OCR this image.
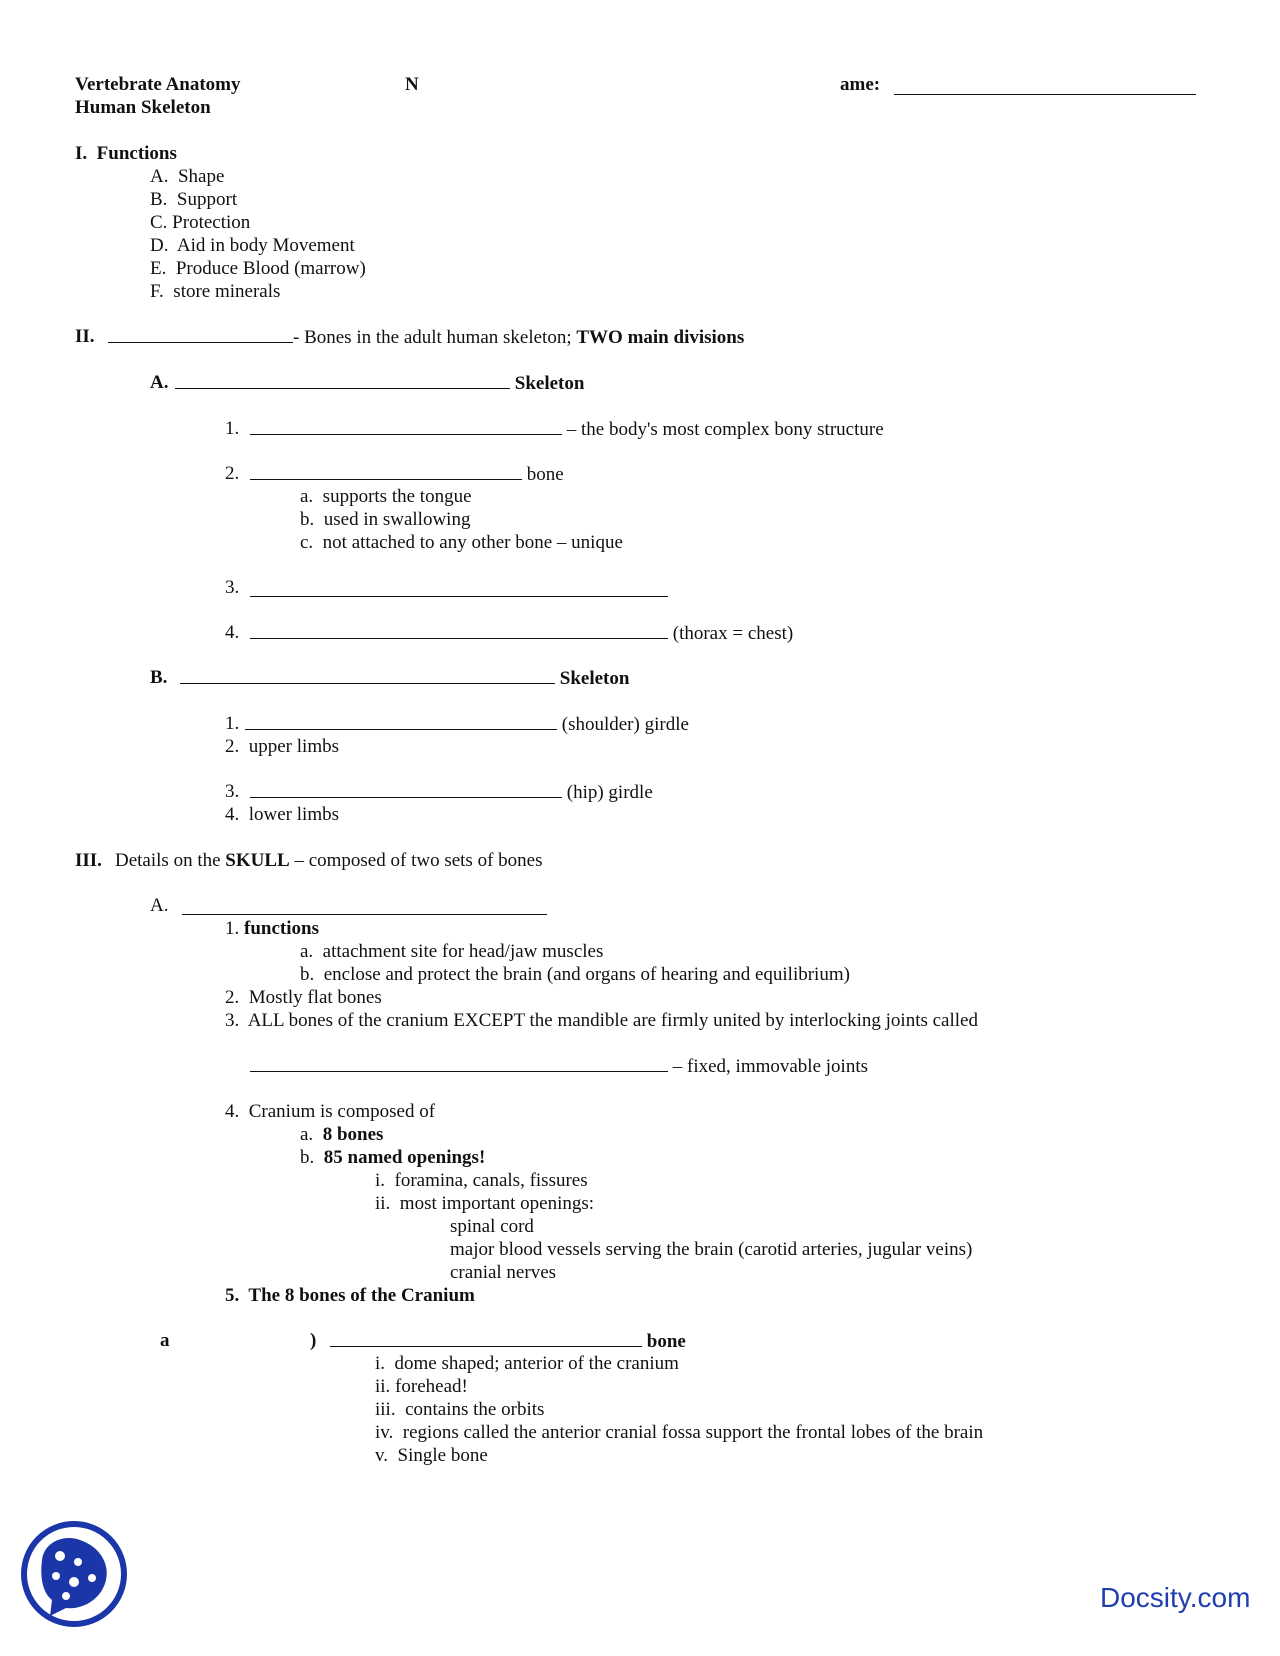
Vertebrate Anatomy
Human Skeleton
N	ame:
I.  Functions
A.  Shape
B.  Support
C. Protection
D.  Aid in body Movement
E.  Produce Blood (marrow)
F.  store minerals
II.	- Bones in the adult human skeleton; TWO main divisions
A.	Skeleton
1.	– the body's most complex bony structure
2.	bone
a.  supports the tongue
b.  used in swallowing
c.  not attached to any other bone – unique
3.
4.	(thorax = chest)
B.	Skeleton
1.	(shoulder) girdle
2.  upper limbs
3.	(hip) girdle
4.  lower limbs
III. Details on the SKULL – composed of two sets of bones
A.
1. functions
a.  attachment site for head/jaw muscles
b.  enclose and protect the brain (and organs of hearing and equilibrium)
2.  Mostly flat bones
3.  ALL bones of the cranium EXCEPT the mandible are firmly united by interlocking joints called
– fixed, immovable joints
4.  Cranium is composed of
a. 8 bones
b. 85 named openings!
i.  foramina, canals, fissures
ii.  most important openings:
spinal cord
major blood vessels serving the brain (carotid arteries, jugular veins)
cranial nerves
5.  The 8 bones of the Cranium
a	)	bone
i.  dome shaped; anterior of the cranium
ii. forehead!
iii.  contains the orbits
iv.  regions called the anterior cranial fossa support the frontal lobes of the brain
v.  Single bone
Docsity.com
